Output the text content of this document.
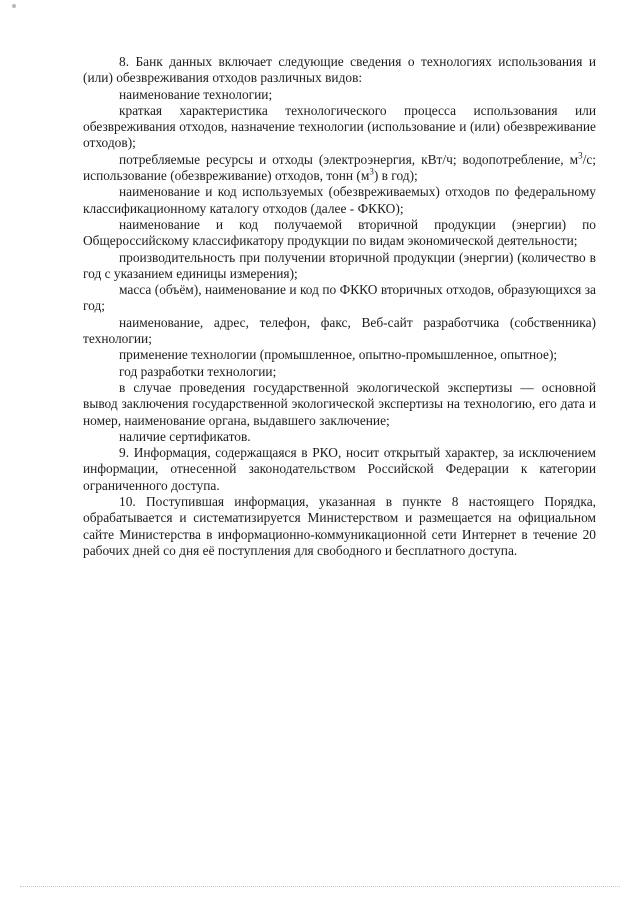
8. Банк данных включает следующие сведения о технологиях использования и (или) обезвреживания отходов различных видов:

наименование технологии;

краткая характеристика технологического процесса использования или обезвреживания отходов, назначение технологии (использование и (или) обезвреживание отходов);

потребляемые ресурсы и отходы (электроэнергия, кВт/ч; водопотребление, $м^3/с$; использование (обезвреживание) отходов, тонн $(м^3)$ в год);

наименование и код используемых (обезвреживаемых) отходов по федеральному классификационному каталогу отходов (далее - ФККО);

наименование и код получаемой вторичной продукции (энергии) по Общероссийскому классификатору продукции по видам экономической деятельности;

производительность при получении вторичной продукции (энергии) (количество в год с указанием единицы измерения);

масса (объём), наименование и код по ФККО вторичных отходов, образующихся за год;

наименование, адрес, телефон, факс, Веб-сайт разработчика (собственника) технологии;

применение технологии (промышленное, опытно-промышленное, опытное);

год разработки технологии;

в случае проведения государственной экологической экспертизы — основной вывод заключения государственной экологической экспертизы на технологию, его дата и номер, наименование органа, выдавшего заключение;

наличие сертификатов.

9. Информация, содержащаяся в РКО, носит открытый характер, за исключением информации, отнесенной законодательством Российской Федерации к категории ограниченного доступа.

10. Поступившая информация, указанная в пункте 8 настоящего Порядка, обрабатывается и систематизируется Министерством и размещается на официальном сайте Министерства в информационно-коммуникационной сети Интернет в течение 20 рабочих дней со дня её поступления для свободного и бесплатного доступа.
